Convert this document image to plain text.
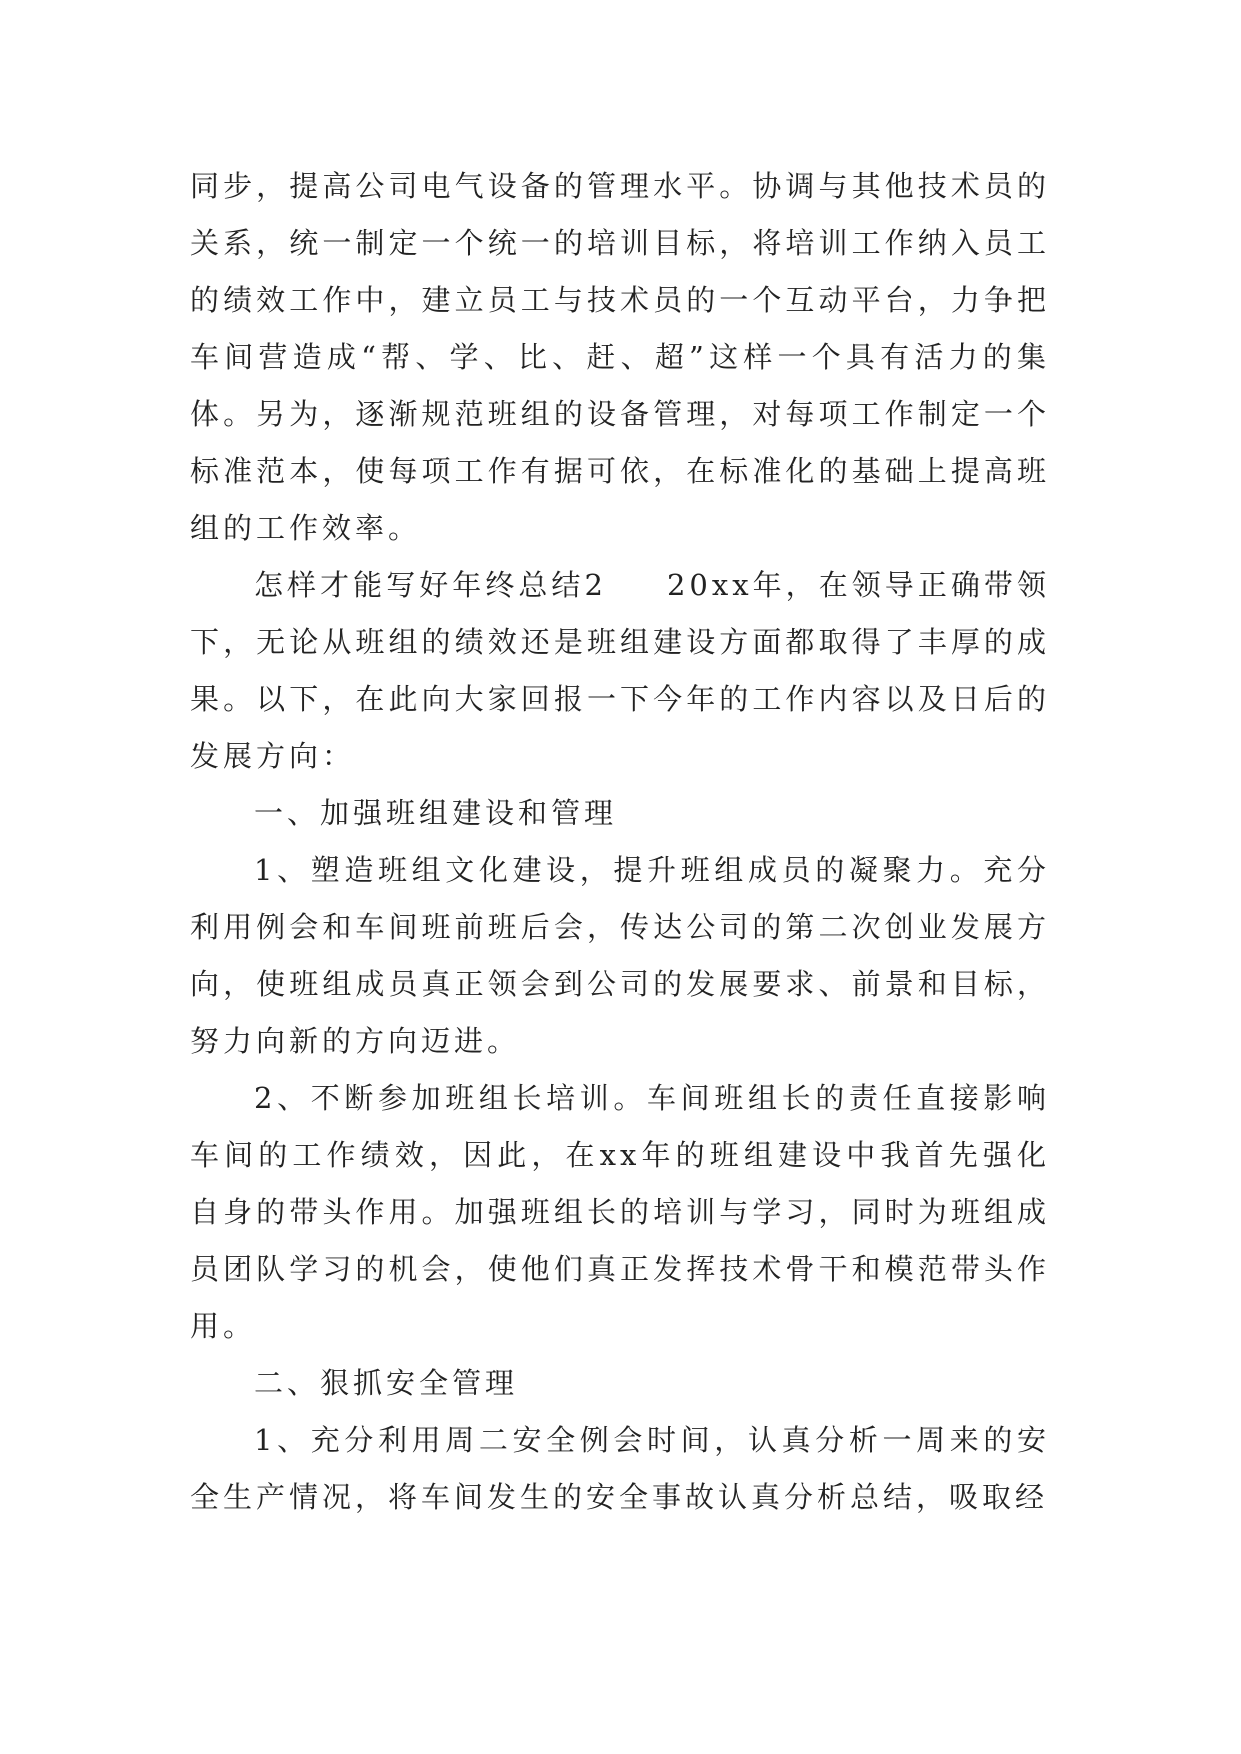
同步，提高公司电气设备的管理水平。协调与其他技术员的关系，统一制定一个统一的培训目标，将培训工作纳入员工的绩效工作中，建立员工与技术员的一个互动平台，力争把车间营造成“帮、学、比、赶、超”这样一个具有活力的集体。另为，逐渐规范班组的设备管理，对每项工作制定一个标准范本，使每项工作有据可依，在标准化的基础上提高班组的工作效率。

怎样才能写好年终总结2 20xx年，在领导正确带领下，无论从班组的绩效还是班组建设方面都取得了丰厚的成果。以下，在此向大家回报一下今年的工作内容以及日后的发展方向：

一、加强班组建设和管理

1、塑造班组文化建设，提升班组成员的凝聚力。充分利用例会和车间班前班后会，传达公司的第二次创业发展方向，使班组成员真正领会到公司的发展要求、前景和目标，努力向新的方向迈进。

2、不断参加班组长培训。车间班组长的责任直接影响车间的工作绩效，因此，在xx年的班组建设中我首先强化自身的带头作用。加强班组长的培训与学习，同时为班组成员团队学习的机会，使他们真正发挥技术骨干和模范带头作用。

二、狠抓安全管理

1、充分利用周二安全例会时间，认真分析一周来的安全生产情况，将车间发生的安全事故认真分析总结，吸取经
